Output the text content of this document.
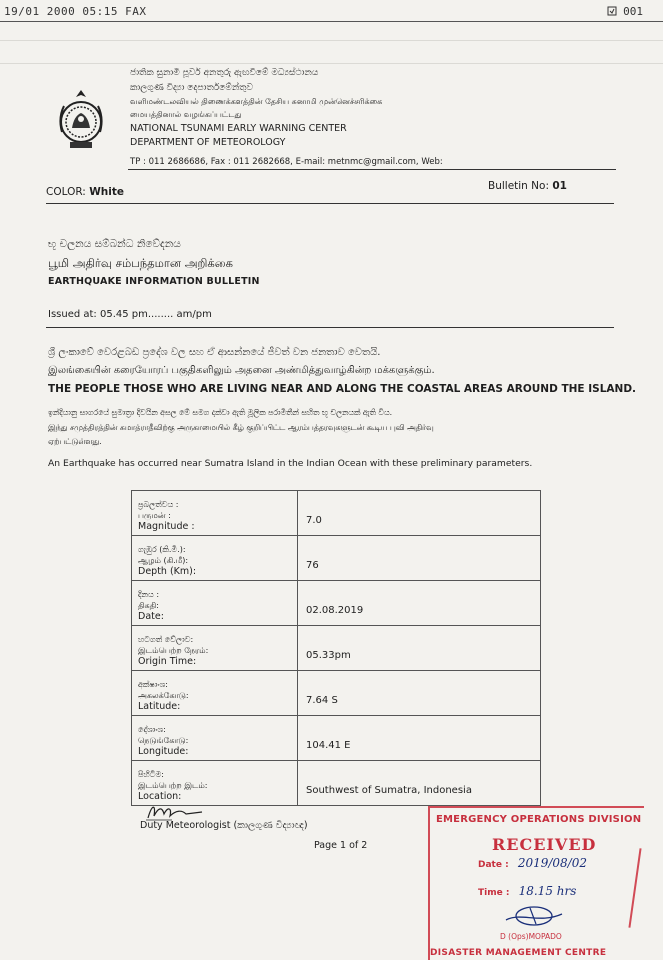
19/01 2000 05:15 FAX	001
ජාතික සුනාමි පූර්ව අනතුරු ඇඟවීමේ මධ්‍යස්ථානය
කාලගුණ විද්‍යා දෙපාර්තමේන්තුව
வளிமண்டலவியல் திணைக்களத்தின் தேசிய சுனாமி முன்னெச்சரிக்கை
மையத்தினால் வழங்கப்பட்டது
NATIONAL TSUNAMI EARLY WARNING CENTER
DEPARTMENT OF METEOROLOGY
TP : 011 2686686, Fax : 011 2682668, E-mail: metnmc@gmail.com, Web:
COLOR: White	Bulletin No: 01
භූ චලනය සම්බන්ධ නිවේදනය
பூமி அதிர்வு சம்பந்தமான அறிக்கை
EARTHQUAKE INFORMATION BULLETIN
Issued at: 05.45 pm........ am/pm
ශ්‍රී ලංකාවේ වෙරළබඩ ප්‍රදේශ වල සහ ඒ ආසන්නයේ ජීවත් වන ජනතාව වෙතයි.
இலங்கையின் கரையோரப் பகுதிகளிலும் அதனை அண்மித்துவாழ்கின்ற மக்களுக்கும்.
THE PEOPLE THOSE WHO ARE LIVING NEAR AND ALONG THE COASTAL AREAS AROUND THE ISLAND.
ඉන්දියානු සාගරයේ සුමාත්‍රා දිවයින අසල මේ සමග දක්වා ඇති මූලික පරාමිතීන් සහිත භූ චලනයක් ඇති විය.
இந்து சமுத்திரத்தின் சுமாத்ராதீவிற்கு அருகாமையில் கீழ் குறிப்பிட்ட ஆரம்பத்தரவுகளுடன் கூடிய புவி அதிர்வு
ஏற்பட்டுள்ளது.
An Earthquake has occurred near Sumatra Island in the Indian Ocean with these preliminary parameters.
ප්‍රබලත්වය :
பருமன் :
Magnitude :	7.0

ගැඹුර (කි.මී.):
ஆழம் (கி.மீ):
Depth (Km):	76

දිනය :
திகதி:
Date:	02.08.2019

හටගත් වේලාව:
இடம்பெற்ற நேரம்:
Origin Time:	05.33pm

අක්ෂාංශ:
அகலக்கோடு:
Latitude:	7.64 S

දේශාංශ:
நெடுங்கோடு:
Longitude:	104.41 E

පිහිටීම:
இடம்பெற்ற இடம்:
Location:	Southwest of Sumatra, Indonesia
Duty Meteorologist (කාලගුණ විද්‍යාඥ)
Page 1 of 2
EMERGENCY OPERATIONS DIVISION
RECEIVED
Date : 2019/08/02
Time : 18.15 hrs
D (Ops)MOPADO
DISASTER MANAGEMENT CENTRE
